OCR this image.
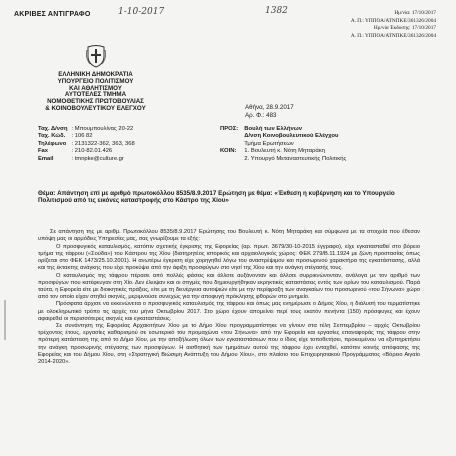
ΑΚΡΙΒΕΣ ΑΝΤΙΓΡΑΦΟ	1-10-2017	1382	Ημ/νία: 17/10/2017
Α. Π.: ΥΠΠΟΑ/ΑΤΝΠΚΕ/361326/2004
Ημ/νία Έκδοσης: 17/10/2017
Α. Π.: ΥΠΠΟΑ/ΑΤΝΠΚΕ/361326/2004
ΕΛΛΗΝΙΚΗ ΔΗΜΟΚΡΑΤΙΑ
ΥΠΟΥΡΓΕΙΟ ΠΟΛΙΤΙΣΜΟΥ
ΚΑΙ ΑΘΛΗΤΙΣΜΟΥ
ΑΥΤΟΤΕΛΕΣ ΤΜΗΜΑ
ΝΟΜΟΘΕΤΙΚΗΣ ΠΡΩΤΟΒΟΥΛΙΑΣ
& ΚΟΙΝΟΒΟΥΛΕΥΤΙΚΟΥ ΕΛΕΓΧΟΥ	Αθήνα, 28.9.2017
Αρ. Φ.: 483
Ταχ. Δ/νση	: Μπουμπουλίνας 20-22
Ταχ. Κώδ.	: 106 82
Τηλέφωνο	: 2131322-362, 363, 368
Fax	: 210-82.01.426
Email	: tmnpke@culture.gr
ΠΡΟΣ:	Βουλή των Ελλήνων
	Δ/νση Κοινοβουλευτικού Ελέγχου
	Τμήμα Ερωτήσεων
ΚΟΙΝ:	1. Βουλευτή κ. Νότη Μηταράκη
	2. Υπουργό Μεταναστευτικής Πολιτικής
Θέμα: Απάντηση επί με αριθμό πρωτοκόλλου 8535/8.9.2017 Ερώτηση με θέμα: «Έκθεση η κυβέρνηση και το Υπουργείο Πολιτισμού από τις εικόνες καταστροφής στο Κάστρο της Χίου»

Σε απάντηση της με αριθμ. Πρωτοκόλλου 8535/8.9.2017 Ερώτησης του Βουλευτή κ. Νότη Μηταράκη και σύμφωνα με τα στοιχεία που έθεσαν υπόψη μας οι αρμόδιες Υπηρεσίες μας, σας γνωρίζουμε τα εξής:

Ο προσφυγικός καταυλισμός, κατόπιν σχετικής έγκρισης της Εφορείας (αρ. πρωτ. 3679/30-10-2015 έγγραφο), είχε εγκατασταθεί στο βόρειο τμήμα της τάφρου («Σούδα») του Κάστρου της Χίου (διατηρητέος ιστορικός και αρχαιολογικός χώρος: ΦΕΚ 279/Β.11.1924 με ζώνη προστασίας όπως ορίζεται στο ΦΕΚ 1473/25.10.2001). Η ανωτέρω έγκριση είχε χορηγηθεί λόγω του αναστρέψιμου και προσωρινού χαρακτήρα της εγκατάστασης, αλλά και της έκτακτης ανάγκης που είχε προκύψει από την άφιξη προσφύγων στο νησί της Χίου και την ανάγκη στέγασής τους.

Ο καταυλισμός της τάφρου πέρασε από πολλές φάσεις και άλλοτε αυξάνονταν και άλλοτε συρρικνώνονταν, ανάλογα με τον αριθμό των προσφύγων που κατέφευγαν στη Χίο. Δεν έλειψαν και οι στιγμές που δημιουργήθηκαν εκρηκτικές καταστάσεις εντός των ορίων του καταυλισμού. Παρά ταύτα, η Εφορεία είτε με διοικητικές πράξεις, είτε με τη διενέργεια αυτοψιών είτε με την περίφραξη των αναγκαίων του προσωρινού «του Σήνωνα» χώρο από τον οποίο είχαν στηθεί σκηνές, μεριμνούσε συνεχώς για την αποφυγή πρόκλησης φθορών στο μνημείο.

Πρόσφατα άρχισε να εκκενώνεται ο προσφυγικός καταυλισμός της τάφρου και όπως μας ενημέρωσε ο Δήμος Χίου, η διάλυσή του τερματίστηκε με ολοκληρωτικό τρόπο τις αρχές του μήνα Οκτωβρίου 2017. Στο χώρο έχουν απομείνει περί τους εκατόν πενήντα (150) πρόσφυγες και έχουν αφαιρεθεί οι περισσότερες σκηνές και εγκαταστάσεις.

Σε συνάντηση της Εφορείας Αρχαιοτήτων Χίου με το Δήμο Χίου προγραμματίστηκε να γίνουν στα τέλη Σεπτεμβρίου – αρχές Οκτωβρίου τρέχοντος έτους, εργασίες καθαρισμού σε εσωτερικό του προμαχώνα «του Σήνωνα» από την Εφορεία και εργασίες επαναφοράς της τάφρου στην πρότερη κατάσταση της από το Δήμο Χίου, με την αποξήλωση όλων των εγκαταστάσεων που ο ίδιος είχε τοποθετήσει, προκειμένου να εξυπηρετήσει την ανάγκη προσωρινής στέγασης των προσφύγων. Η αισθητική των τμημάτων αυτού της τάφρου έχει ενταχθεί, κατόπιν κοινής απόφασης της Εφορείας και του Δήμου Χίου, στη «Στρατηγική Βιώσιμη Ανάπτυξη του Δήμου Χίου», στο πλαίσιο του Επιχειρησιακού Προγράμματος «Βόρειο Αιγαίο 2014-2020».
